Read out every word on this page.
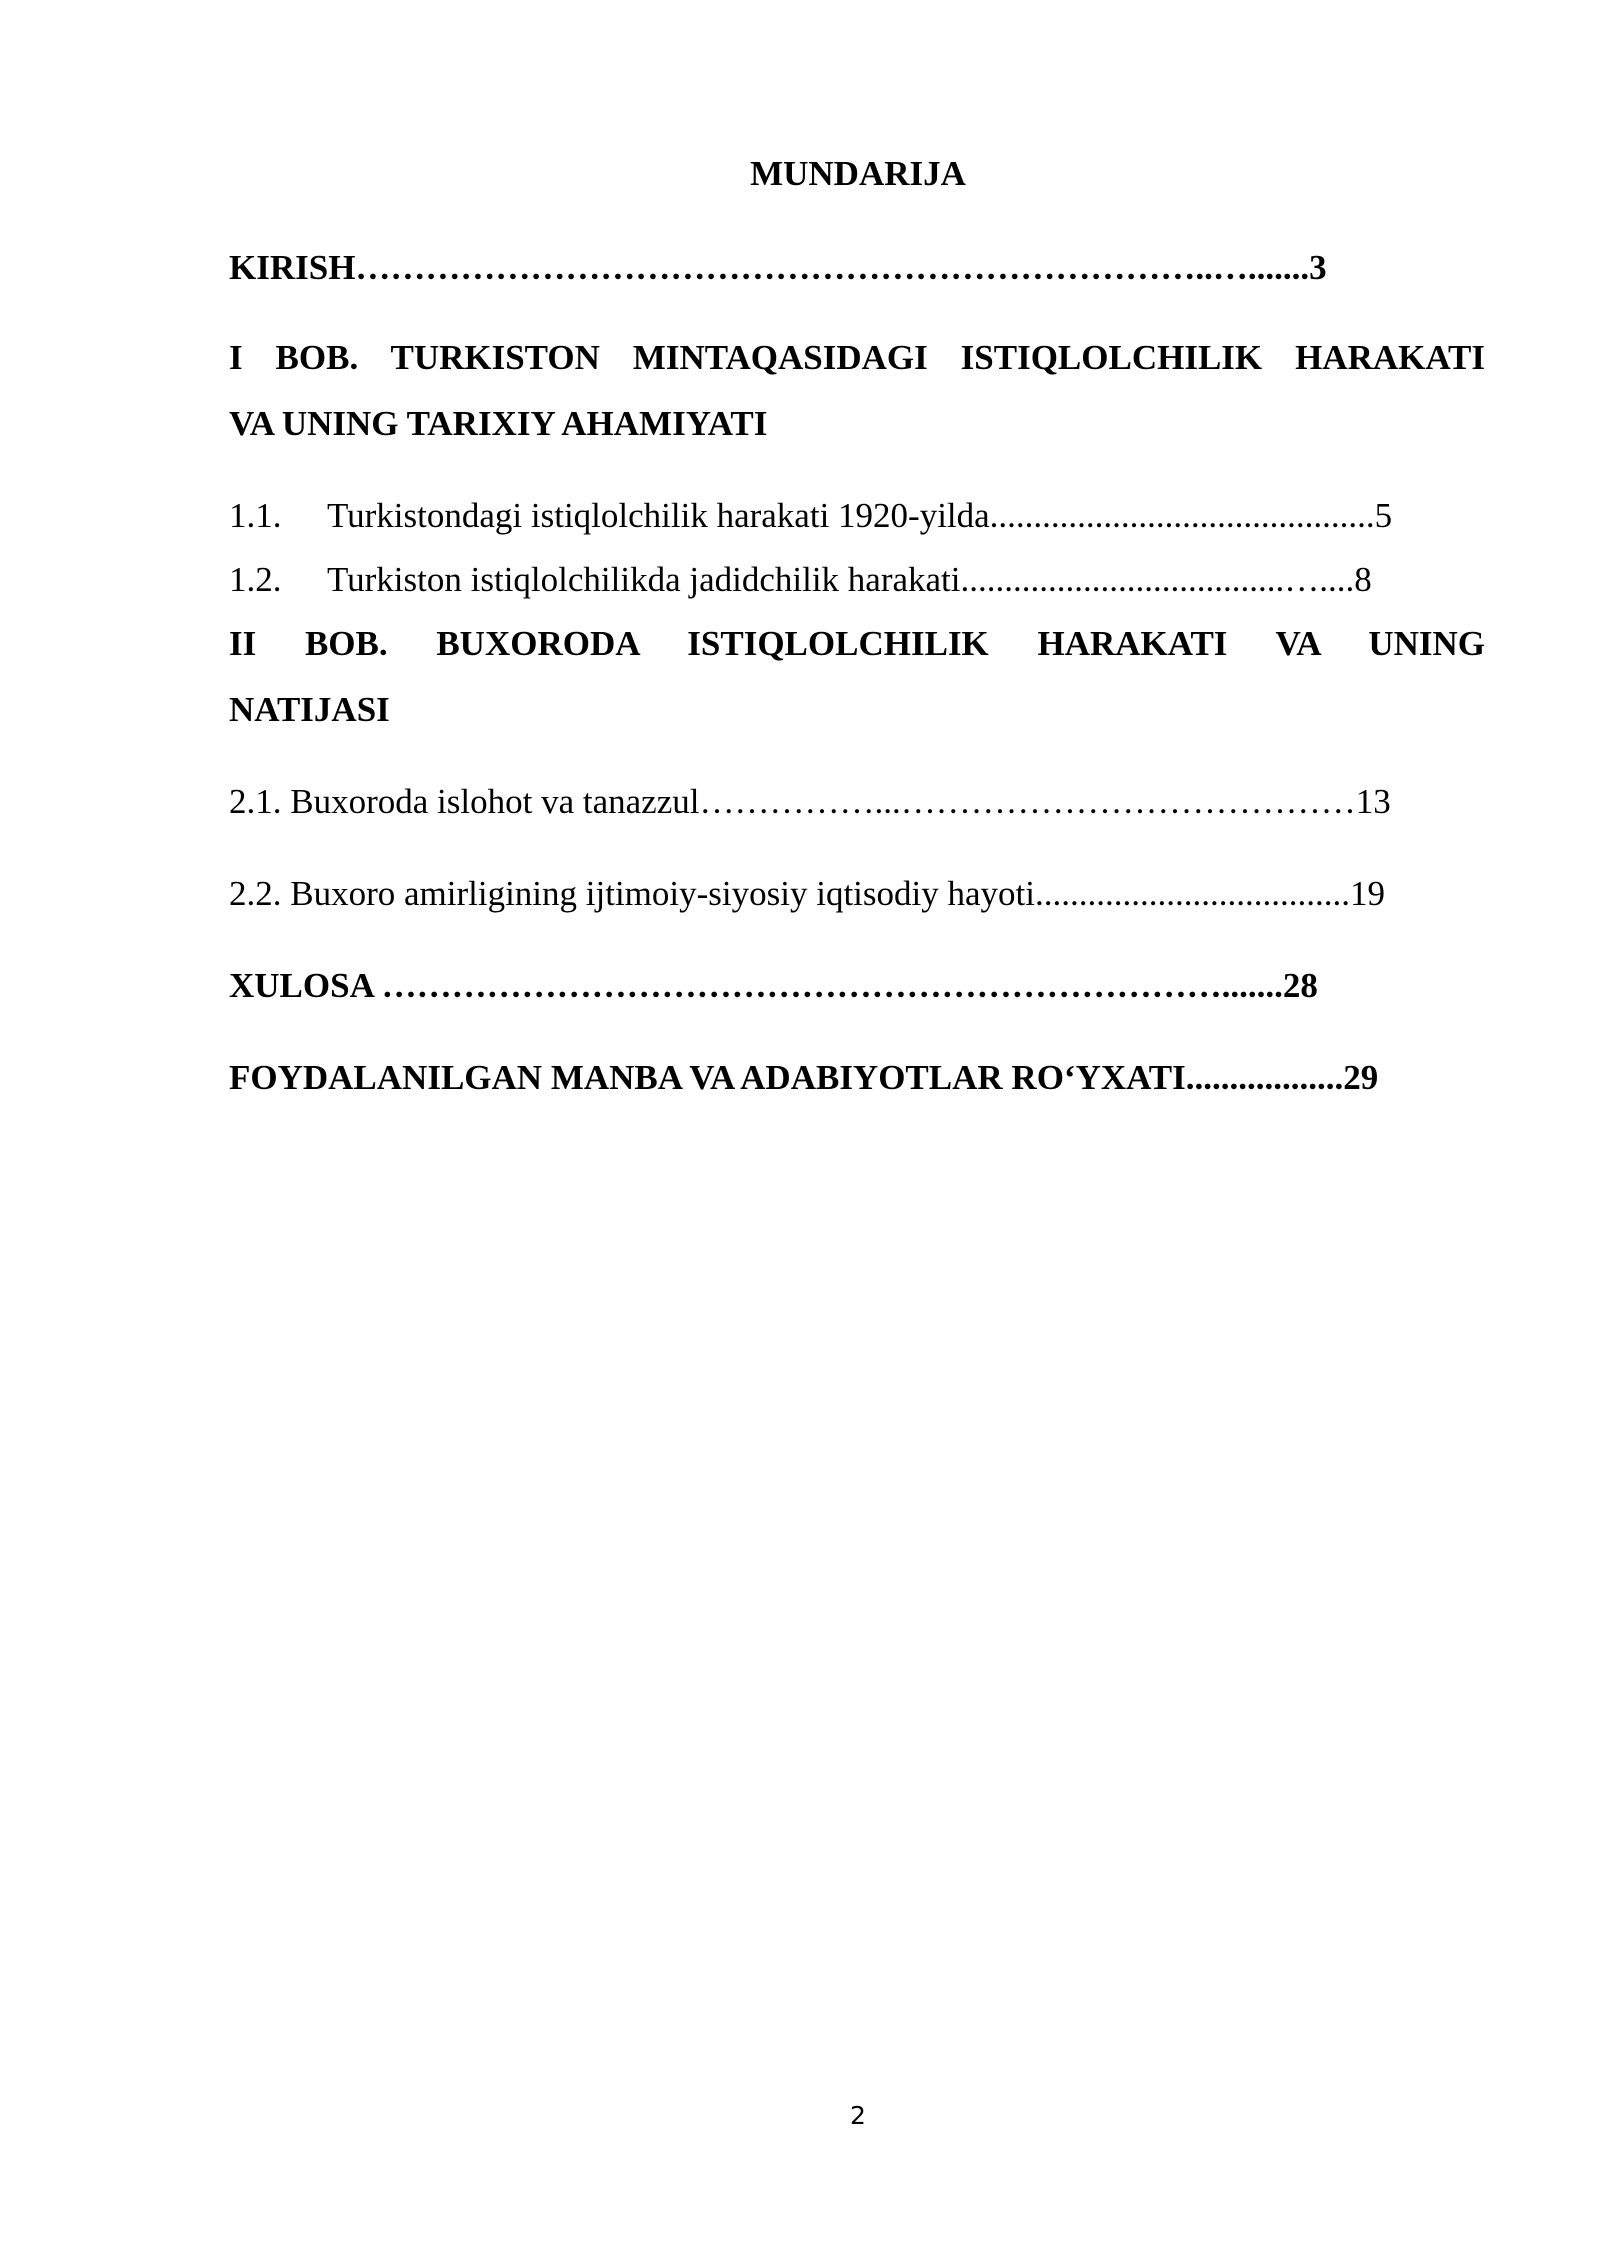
MUNDARIJA
KIRISH………………………………………………………………..….......3
I BOB. TURKISTON MINTAQASIDAGI ISTIQLOLCHILIK HARAKATI
VA UNING TARIXIY AHAMIYATI
1.1. Turkistondagi istiqlolchilik harakati 1920-yilda............................................5
1.2. Turkiston istiqlolchilikda jadidchilik harakati.....................................…....8
II BOB. BUXORODA ISTIQLOLCHILIK HARAKATI VA UNING
NATIJASI
2.1. Buxoroda islohot va tanazzul……………...…………………………………13
2.2. Buxoro amirligining ijtimoiy-siyosiy iqtisodiy hayoti....................................19
XULOSA ……………………………………………………………….......28
FOYDALANILGAN MANBA VA ADABIYOTLAR RO‘YXATI..................29
2
